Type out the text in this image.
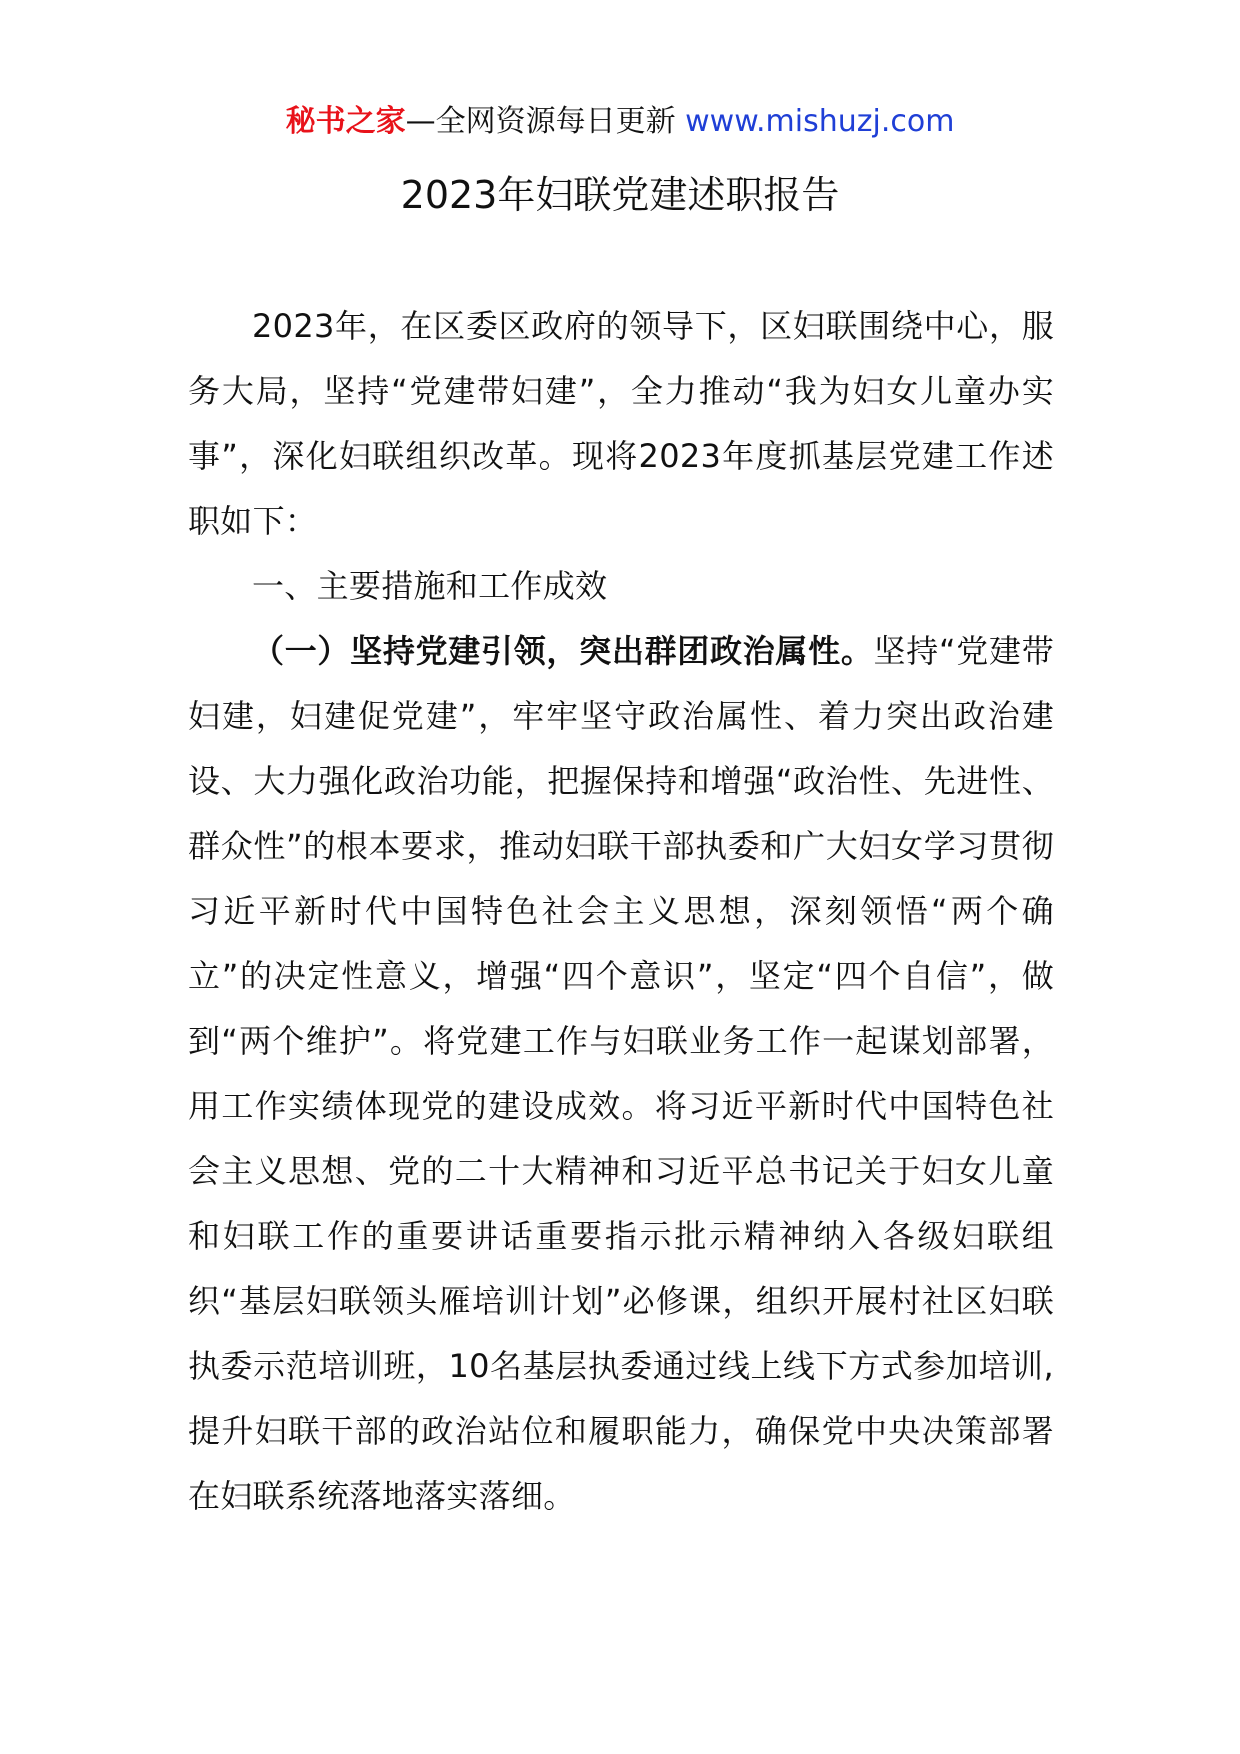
秘书之家—全网资源每日更新 www.mishuzj.com
2023年妇联党建述职报告

2023年，在区委区政府的领导下，区妇联围绕中心，服务大局，坚持“党建带妇建”，全力推动“我为妇女儿童办实事”，深化妇联组织改革。现将2023年度抓基层党建工作述职如下：

一、主要措施和工作成效

（一）坚持党建引领，突出群团政治属性。坚持“党建带妇建，妇建促党建”，牢牢坚守政治属性、着力突出政治建设、大力强化政治功能，把握保持和增强“政治性、先进性、群众性”的根本要求，推动妇联干部执委和广大妇女学习贯彻习近平新时代中国特色社会主义思想，深刻领悟“两个确立”的决定性意义，增强“四个意识”，坚定“四个自信”，做到“两个维护”。将党建工作与妇联业务工作一起谋划部署，用工作实绩体现党的建设成效。将习近平新时代中国特色社会主义思想、党的二十大精神和习近平总书记关于妇女儿童和妇联工作的重要讲话重要指示批示精神纳入各级妇联组织“基层妇联领头雁培训计划”必修课，组织开展村社区妇联执委示范培训班，10名基层执委通过线上线下方式参加培训,提升妇联干部的政治站位和履职能力，确保党中央决策部署在妇联系统落地落实落细。
